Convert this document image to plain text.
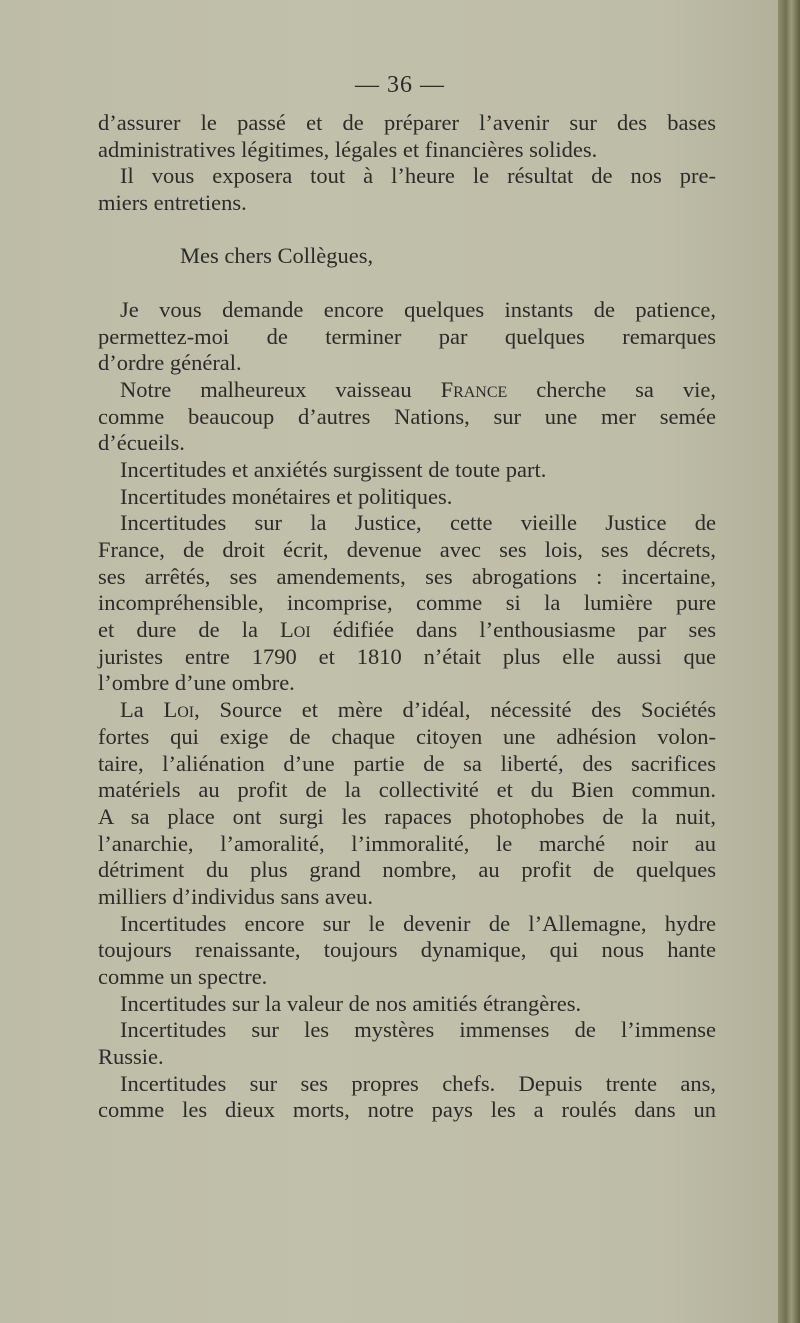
— 36 —
d’assurer le passé et de préparer l’avenir sur des bases
administratives légitimes, légales et financières solides.
Il vous exposera tout à l’heure le résultat de nos pre-
miers entretiens.
Mes chers Collègues,
Je vous demande encore quelques instants de patience,
permettez-moi de terminer par quelques remarques
d’ordre général.
Notre malheureux vaisseau France cherche sa vie,
comme beaucoup d’autres Nations, sur une mer semée
d’écueils.
Incertitudes et anxiétés surgissent de toute part.
Incertitudes monétaires et politiques.
Incertitudes sur la Justice, cette vieille Justice de
France, de droit écrit, devenue avec ses lois, ses décrets,
ses arrêtés, ses amendements, ses abrogations : incertaine,
incompréhensible, incomprise, comme si la lumière pure
et dure de la Loi édifiée dans l’enthousiasme par ses
juristes entre 1790 et 1810 n’était plus elle aussi que
l’ombre d’une ombre.
La Loi, Source et mère d’idéal, nécessité des Sociétés
fortes qui exige de chaque citoyen une adhésion volon-
taire, l’aliénation d’une partie de sa liberté, des sacrifices
matériels au profit de la collectivité et du Bien commun.
A sa place ont surgi les rapaces photophobes de la nuit,
l’anarchie, l’amoralité, l’immoralité, le marché noir au
détriment du plus grand nombre, au profit de quelques
milliers d’individus sans aveu.
Incertitudes encore sur le devenir de l’Allemagne, hydre
toujours renaissante, toujours dynamique, qui nous hante
comme un spectre.
Incertitudes sur la valeur de nos amitiés étrangères.
Incertitudes sur les mystères immenses de l’immense
Russie.
Incertitudes sur ses propres chefs. Depuis trente ans,
comme les dieux morts, notre pays les a roulés dans un
